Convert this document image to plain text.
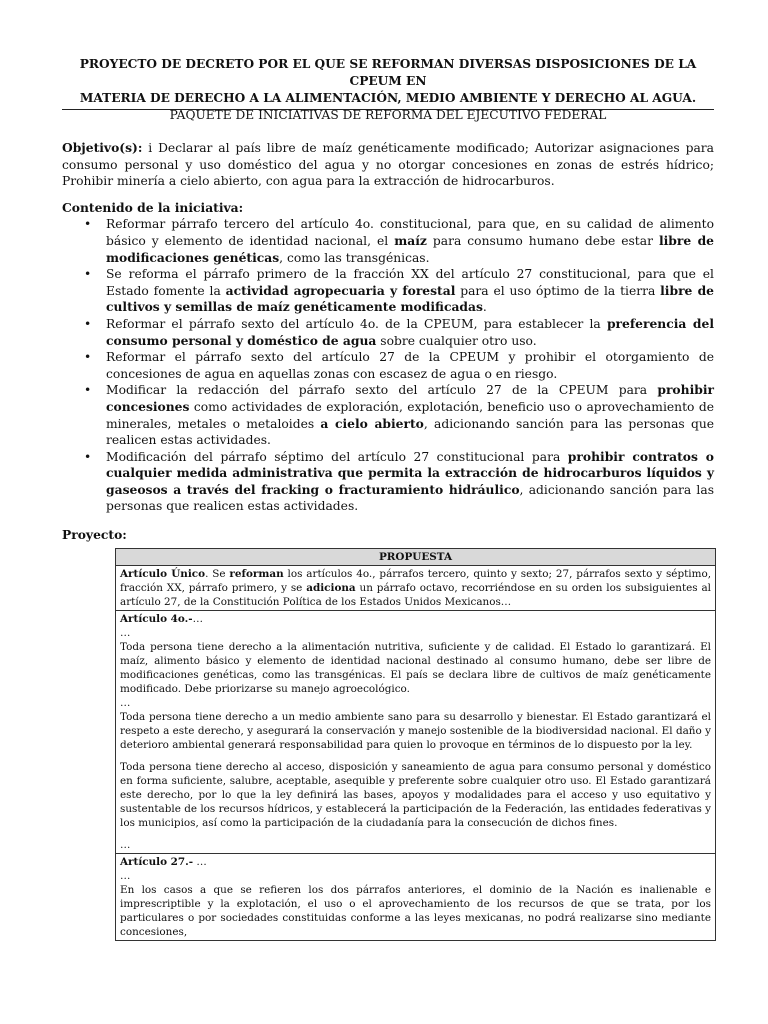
PROYECTO DE DECRETO POR EL QUE SE REFORMAN DIVERSAS DISPOSICIONES DE LA CPEUM EN
MATERIA DE DERECHO A LA ALIMENTACIÓN, MEDIO AMBIENTE Y DERECHO AL AGUA.
PAQUETE DE INICIATIVAS DE REFORMA DEL EJECUTIVO FEDERAL

Objetivo(s): i Declarar al país libre de maíz genéticamente modificado; Autorizar asignaciones para consumo personal y uso doméstico del agua y no otorgar concesiones en zonas de estrés hídrico; Prohibir minería a cielo abierto, con agua para la extracción de hidrocarburos.

Contenido de la iniciativa:

•	Reformar párrafo tercero del artículo 4o. constitucional, para que, en su calidad de alimento básico y elemento de identidad nacional, el maíz para consumo humano debe estar libre de modificaciones genéticas, como las transgénicas.
•	Se reforma el párrafo primero de la fracción XX del artículo 27 constitucional, para que el Estado fomente la actividad agropecuaria y forestal para el uso óptimo de la tierra libre de cultivos y semillas de maíz genéticamente modificadas.
•	Reformar el párrafo sexto del artículo 4o. de la CPEUM, para establecer la preferencia del consumo personal y doméstico de agua sobre cualquier otro uso.
•	Reformar el párrafo sexto del artículo 27 de la CPEUM y prohibir el otorgamiento de concesiones de agua en aquellas zonas con escasez de agua o en riesgo.
•	Modificar la redacción del párrafo sexto del artículo 27 de la CPEUM para prohibir concesiones como actividades de exploración, explotación, beneficio uso o aprovechamiento de minerales, metales o metaloides a cielo abierto, adicionando sanción para las personas que realicen estas actividades.
•	Modificación del párrafo séptimo del artículo 27 constitucional para prohibir contratos o cualquier medida administrativa que permita la extracción de hidrocarburos líquidos y gaseosos a través del fracking o fracturamiento hidráulico, adicionando sanción para las personas que realicen estas actividades.

Proyecto:

PROPUESTA
Artículo Único. Se reforman los artículos 4o., párrafos tercero, quinto y sexto; 27, párrafos sexto y séptimo, fracción XX, párrafo primero, y se adiciona un párrafo octavo, recorriéndose en su orden los subsiguientes al artículo 27, de la Constitución Política de los Estados Unidos Mexicanos…

Artículo 4o.-…

…

Toda persona tiene derecho a la alimentación nutritiva, suficiente y de calidad. El Estado lo garantizará. El maíz, alimento básico y elemento de identidad nacional destinado al consumo humano, debe ser libre de modificaciones genéticas, como las transgénicas. El país se declara libre de cultivos de maíz genéticamente modificado. Debe priorizarse su manejo agroecológico.

…

Toda persona tiene derecho a un medio ambiente sano para su desarrollo y bienestar. El Estado garantizará el respeto a este derecho, y asegurará la conservación y manejo sostenible de la biodiversidad nacional. El daño y deterioro ambiental generará responsabilidad para quien lo provoque en términos de lo dispuesto por la ley.

Toda persona tiene derecho al acceso, disposición y saneamiento de agua para consumo personal y doméstico en forma suficiente, salubre, aceptable, asequible y preferente sobre cualquier otro uso. El Estado garantizará este derecho, por lo que la ley definirá las bases, apoyos y modalidades para el acceso y uso equitativo y sustentable de los recursos hídricos, y establecerá la participación de la Federación, las entidades federativas y los municipios, así como la participación de la ciudadanía para la consecución de dichos fines.

…

Artículo 27.- …

…

En los casos a que se refieren los dos párrafos anteriores, el dominio de la Nación es inalienable e imprescriptible y la explotación, el uso o el aprovechamiento de los recursos de que se trata, por los particulares o por sociedades constituidas conforme a las leyes mexicanas, no podrá realizarse sino mediante concesiones,
